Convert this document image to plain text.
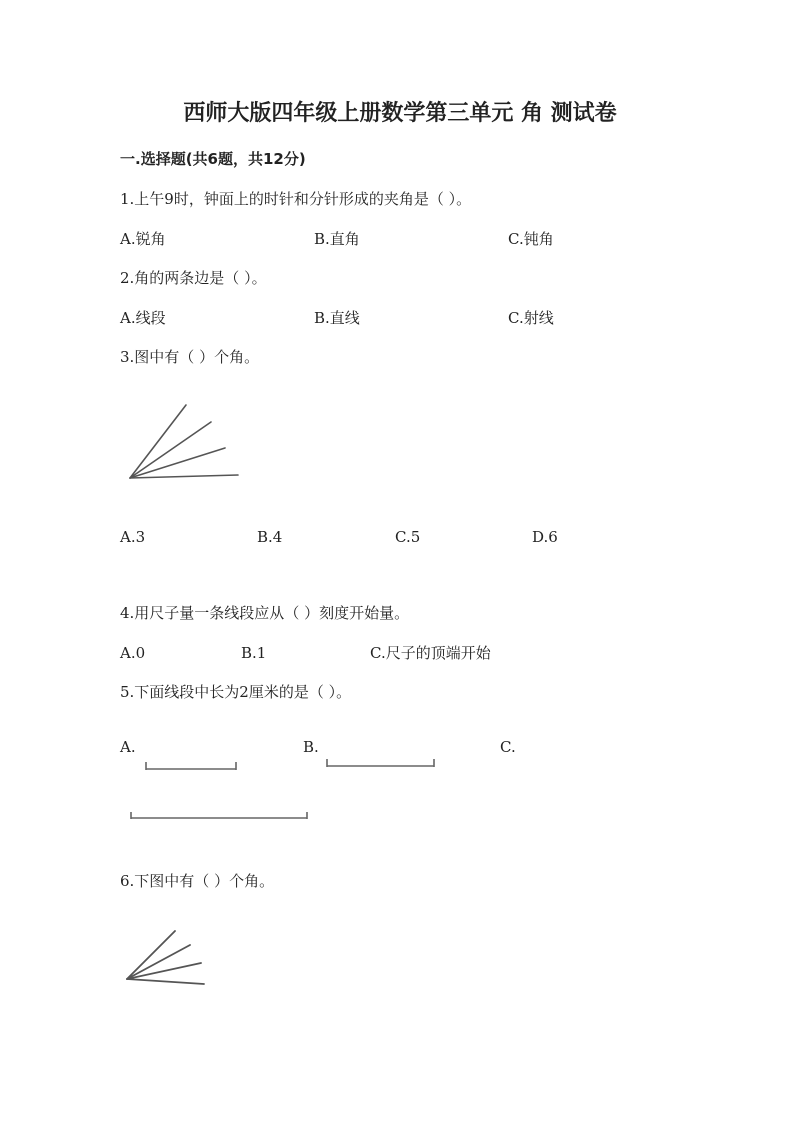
西师大版四年级上册数学第三单元 角 测试卷
一.选择题(共6题，共12分)
1.上午9时，钟面上的时针和分针形成的夹角是（ ）。
A.锐角	B.直角	C.钝角
2.角的两条边是（ ）。
A.线段	B.直线	C.射线
3.图中有（ ）个角。
A.3	B.4	C.5	D.6
4.用尺子量一条线段应从（ ）刻度开始量。
A.0	B.1	C.尺子的顶端开始
5.下面线段中长为2厘米的是（ ）。
A.	B.	C.
6.下图中有（ ）个角。
